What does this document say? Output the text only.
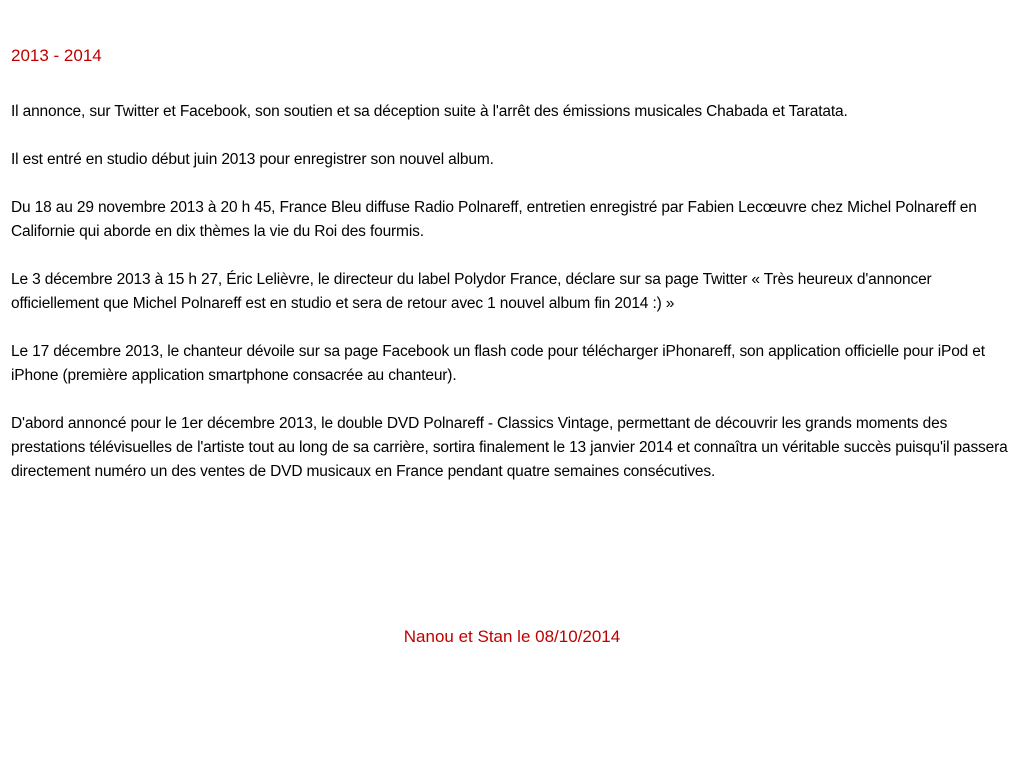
2013 - 2014

Il annonce, sur Twitter et Facebook, son soutien et sa déception suite à l'arrêt des émissions musicales Chabada et Taratata.

Il est entré en studio début juin 2013 pour enregistrer son nouvel album.

Du 18 au 29 novembre 2013 à 20 h 45, France Bleu diffuse Radio Polnareff, entretien enregistré par Fabien Lecœuvre chez Michel Polnareff en Californie qui aborde en dix thèmes la vie du Roi des fourmis.

Le 3 décembre 2013 à 15 h 27, Éric Lelièvre, le directeur du label Polydor France, déclare sur sa page Twitter « Très heureux d'annoncer officiellement que Michel Polnareff est en studio et sera de retour avec 1 nouvel album fin 2014 :) »

Le 17 décembre 2013, le chanteur dévoile sur sa page Facebook un flash code pour télécharger iPhonareff, son application officielle pour iPod et iPhone (première application smartphone consacrée au chanteur).

D'abord annoncé pour le 1er décembre 2013, le double DVD Polnareff - Classics Vintage, permettant de découvrir les grands moments des prestations télévisuelles de l'artiste tout au long de sa carrière, sortira finalement le 13 janvier 2014 et connaîtra un véritable succès puisqu'il passera directement numéro un des ventes de DVD musicaux en France pendant quatre semaines consécutives.

Nanou et Stan le 08/10/2014
